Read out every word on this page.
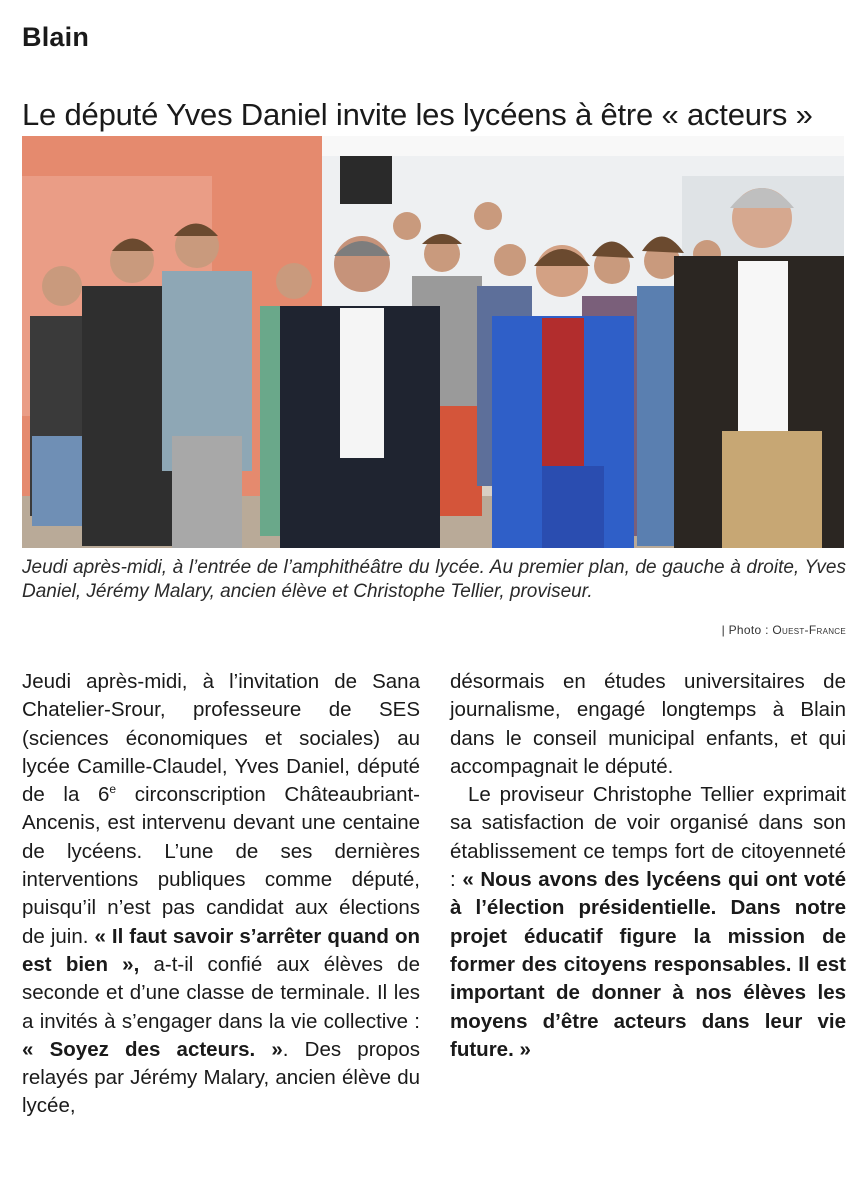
Blain
Le député Yves Daniel invite les lycéens à être « acteurs »
Jeudi après-midi, à l’entrée de l’amphithéâtre du lycée. Au premier plan, de gauche à droite, Yves Daniel, Jérémy Malary, ancien élève et Christophe Tellier, proviseur.
| Photo : Ouest-France

Jeudi après-midi, à l’invitation de Sana Chatelier-Srour, professeure de SES (sciences économiques et sociales) au lycée Camille-Claudel, Yves Daniel, député de la 6e circonscription Châteaubriant-Ancenis, est intervenu devant une centaine de lycéens. L’une de ses dernières interventions publiques comme député, puisqu’il n’est pas candidat aux élections de juin. « Il faut savoir s’arrêter quand on est bien », a-t-il confié aux élèves de seconde et d’une classe de terminale. Il les a invités à s’engager dans la vie collective : « Soyez des acteurs. ». Des propos relayés par Jérémy Malary, ancien élève du lycée,

désormais en études universitaires de journalisme, engagé longtemps à Blain dans le conseil municipal enfants, et qui accompagnait le député.

Le proviseur Christophe Tellier exprimait sa satisfaction de voir organisé dans son établissement ce temps fort de citoyenneté : « Nous avons des lycéens qui ont voté à l’élection présidentielle. Dans notre projet éducatif figure la mission de former des citoyens responsables. Il est important de donner à nos élèves les moyens d’être acteurs dans leur vie future. »
